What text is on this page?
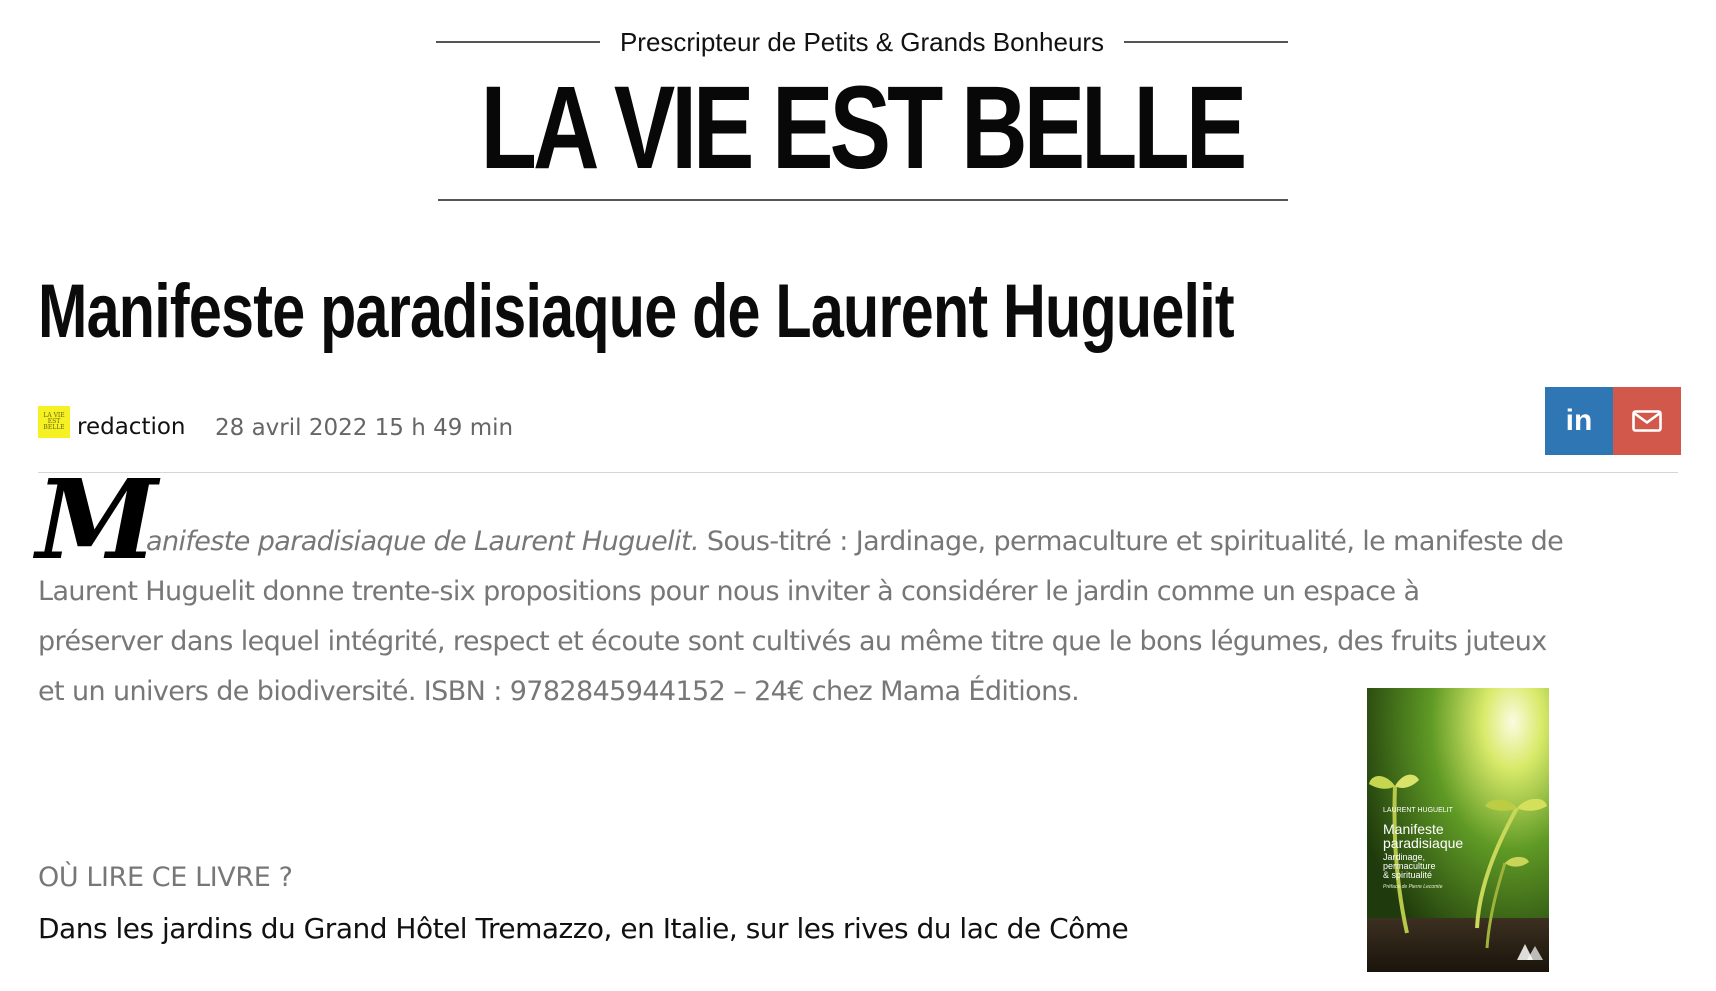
Prescripteur de Petits & Grands Bonheurs
LA VIE EST BELLE
Manifeste paradisiaque de Laurent Huguelit
LA VIE EST BELLE redaction 28 avril 2022 15 h 49 min	in
M

anifeste paradisiaque de Laurent Huguelit. Sous-titré : Jardinage, permaculture et spiritualité, le manifeste de

Laurent Huguelit donne trente-six propositions pour nous inviter à considérer le jardin comme un espace à

préserver dans lequel intégrité, respect et écoute sont cultivés au même titre que le bons légumes, des fruits juteux

et un univers de biodiversité. ISBN : 9782845944152 – 24€ chez Mama Éditions.

LAURENT HUGUELIT
Manifeste
paradisiaque
Jardinage,
permaculture
& spiritualité
Préface de Pierre Lecomte
OÙ LIRE CE LIVRE ?
Dans les jardins du Grand Hôtel Tremazzo, en Italie, sur les rives du lac de Côme
